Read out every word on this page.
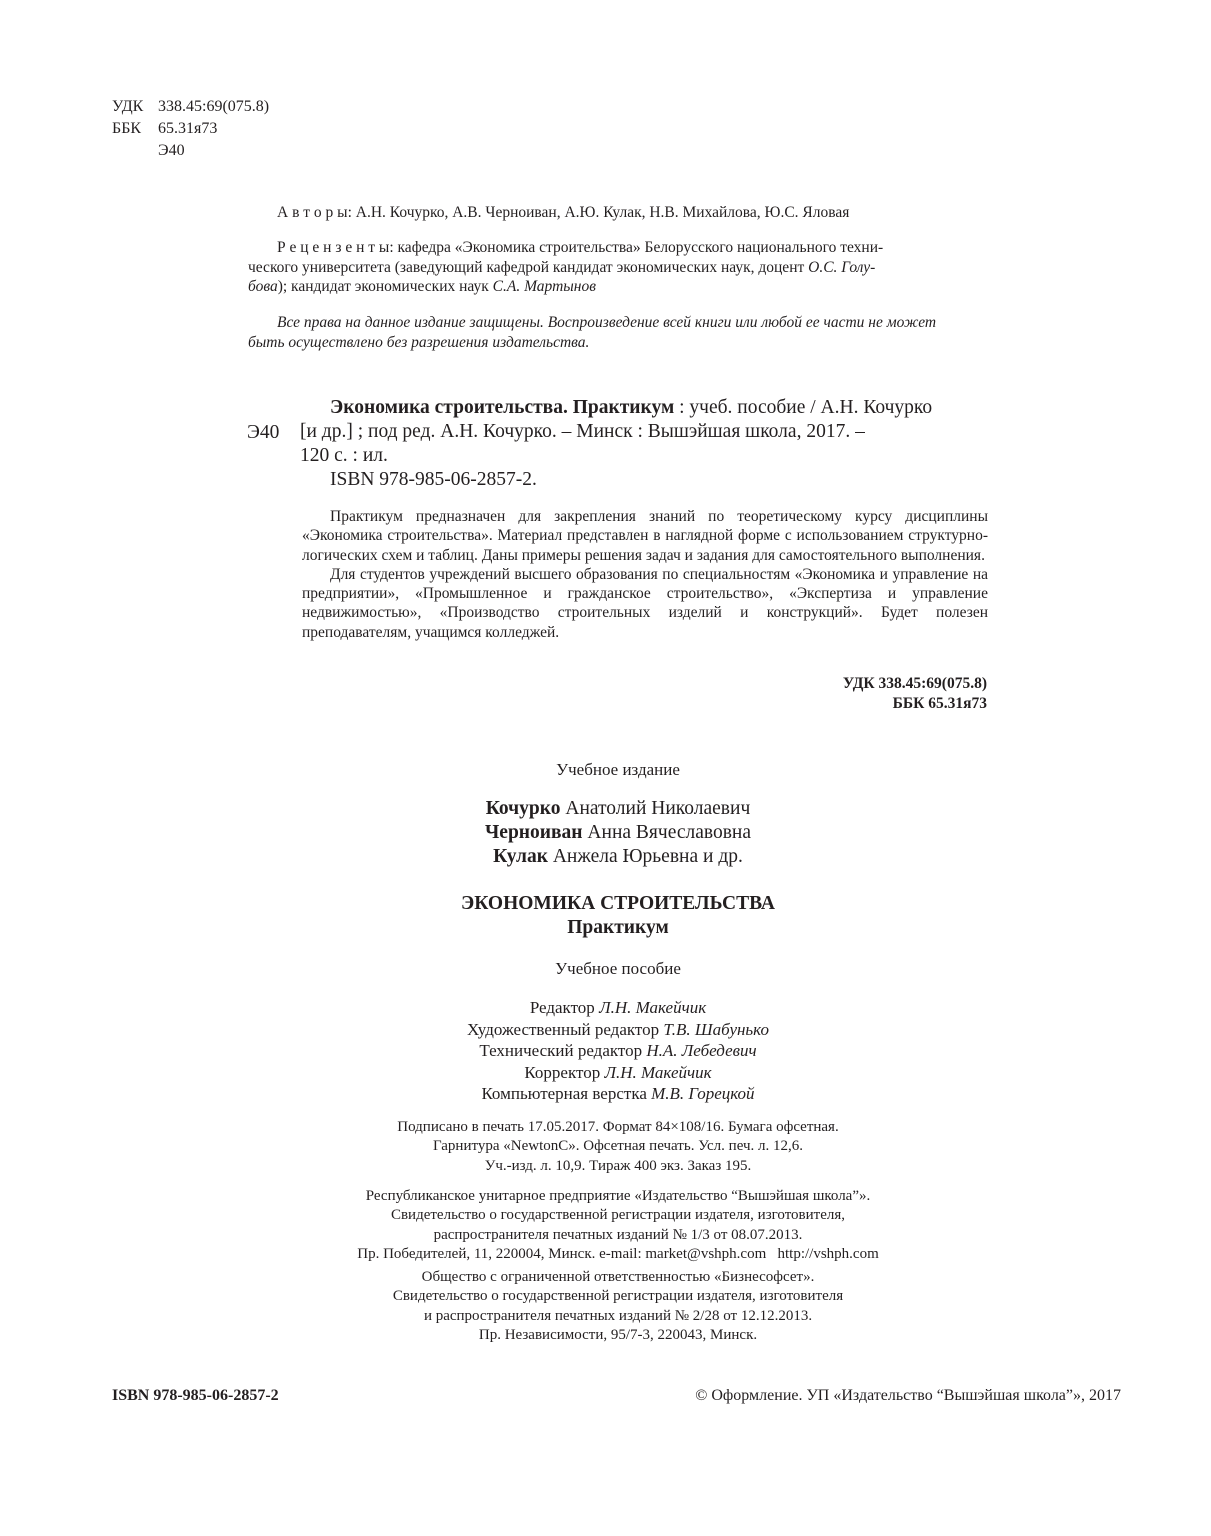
УДК 338.45:69(075.8)
ББК	65.31я73
Э40
А в т о р ы: А.Н. Кочурко, А.В. Черноиван, А.Ю. Кулак, Н.В. Михайлова, Ю.С. Яловая
Р е ц е н з е н т ы: кафедра «Экономика строительства» Белорусского национального техни-
ческого университета (заведующий кафедрой кандидат экономических наук, доцент О.С. Голу-
бова); кандидат экономических наук С.А. Мартынов
Все права на данное издание защищены. Воспроизведение всей книги или любой ее части не может
быть осуществлено без разрешения издательства.
Э40
Экономика строительства. Практикум : учеб. пособие / А.Н. Кочурко
[и др.] ; под ред. А.Н. Кочурко. – Минск : Вышэйшая школа, 2017. –
120 с. : ил.
ISBN 978-985-06-2857-2.

Практикум предназначен для закрепления знаний по теоретическому курсу дисциплины «Экономика строительства». Материал представлен в наглядной форме с использованием структурно-логических схем и таблиц. Даны примеры решения задач и задания для самостоятельного выполнения.

Для студентов учреждений высшего образования по специальностям «Экономика и управление на предприятии», «Промышленное и гражданское строительство», «Экспертиза и управление недвижимостью», «Производство строительных изделий и конструкций». Будет полезен преподавателям, учащимся колледжей.

УДК 338.45:69(075.8)
ББК 65.31я73
Учебное издание
Кочурко Анатолий Николаевич
Черноиван Анна Вячеславовна
Кулак Анжела Юрьевна и др.
ЭКОНОМИКА СТРОИТЕЛЬСТВА
Практикум
Учебное пособие
Редактор Л.Н. Макейчик
Художественный редактор Т.В. Шабунько
Технический редактор Н.А. Лебедевич
Корректор Л.Н. Макейчик
Компьютерная верстка М.В. Горецкой
Подписано в печать 17.05.2017. Формат 84×108/16. Бумага офсетная.
Гарнитура «NewtonC». Офсетная печать. Усл. печ. л. 12,6.
Уч.-изд. л. 10,9. Тираж 400 экз. Заказ 195.
Республиканское унитарное предприятие «Издательство “Вышэйшая школа”».
Свидетельство о государственной регистрации издателя, изготовителя,
распространителя печатных изданий № 1/3 от 08.07.2013.
Пр. Победителей, 11, 220004, Минск. e-mail: market@vshph.com   http://vshph.com
Общество с ограниченной ответственностью «Бизнесофсет».
Свидетельство о государственной регистрации издателя, изготовителя
и распространителя печатных изданий № 2/28 от 12.12.2013.
Пр. Независимости, 95/7-3, 220043, Минск.
ISBN 978-985-06-2857-2	© Оформление. УП «Издательство “Вышэйшая школа”», 2017
